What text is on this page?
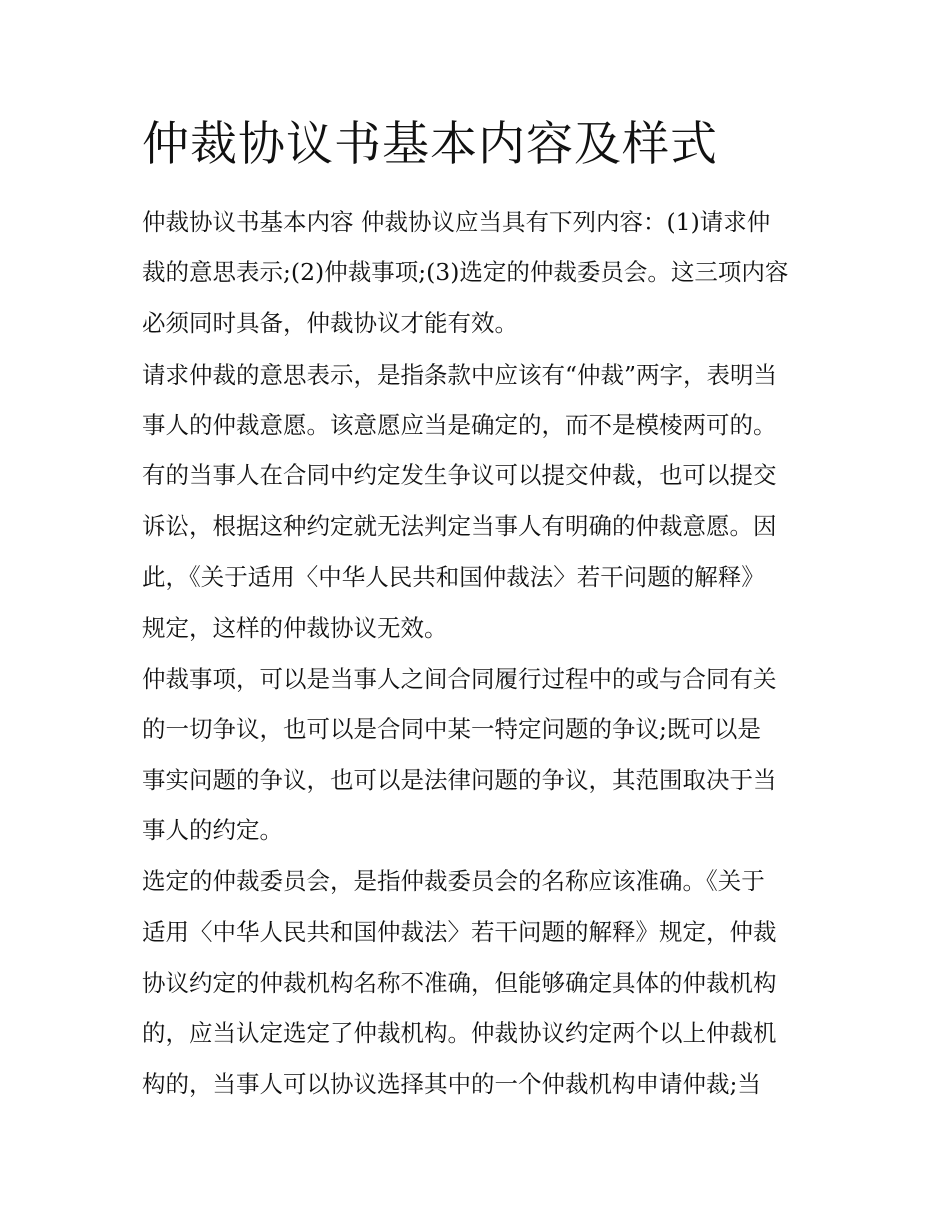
仲裁协议书基本内容及样式

仲裁协议书基本内容 仲裁协议应当具有下列内容：(1)请求仲

裁的意思表示;(2)仲裁事项;(3)选定的仲裁委员会。这三项内容

必须同时具备，仲裁协议才能有效。

请求仲裁的意思表示，是指条款中应该有“仲裁”两字，表明当

事人的仲裁意愿。该意愿应当是确定的，而不是模棱两可的。

有的当事人在合同中约定发生争议可以提交仲裁，也可以提交

诉讼，根据这种约定就无法判定当事人有明确的仲裁意愿。因

此，《关于适用〈中华人民共和国仲裁法〉若干问题的解释》

规定，这样的仲裁协议无效。

仲裁事项，可以是当事人之间合同履行过程中的或与合同有关

的一切争议，也可以是合同中某一特定问题的争议;既可以是

事实问题的争议，也可以是法律问题的争议，其范围取决于当

事人的约定。

选定的仲裁委员会，是指仲裁委员会的名称应该准确。《关于

适用〈中华人民共和国仲裁法〉若干问题的解释》规定，仲裁

协议约定的仲裁机构名称不准确，但能够确定具体的仲裁机构

的，应当认定选定了仲裁机构。仲裁协议约定两个以上仲裁机

构的，当事人可以协议选择其中的一个仲裁机构申请仲裁;当
